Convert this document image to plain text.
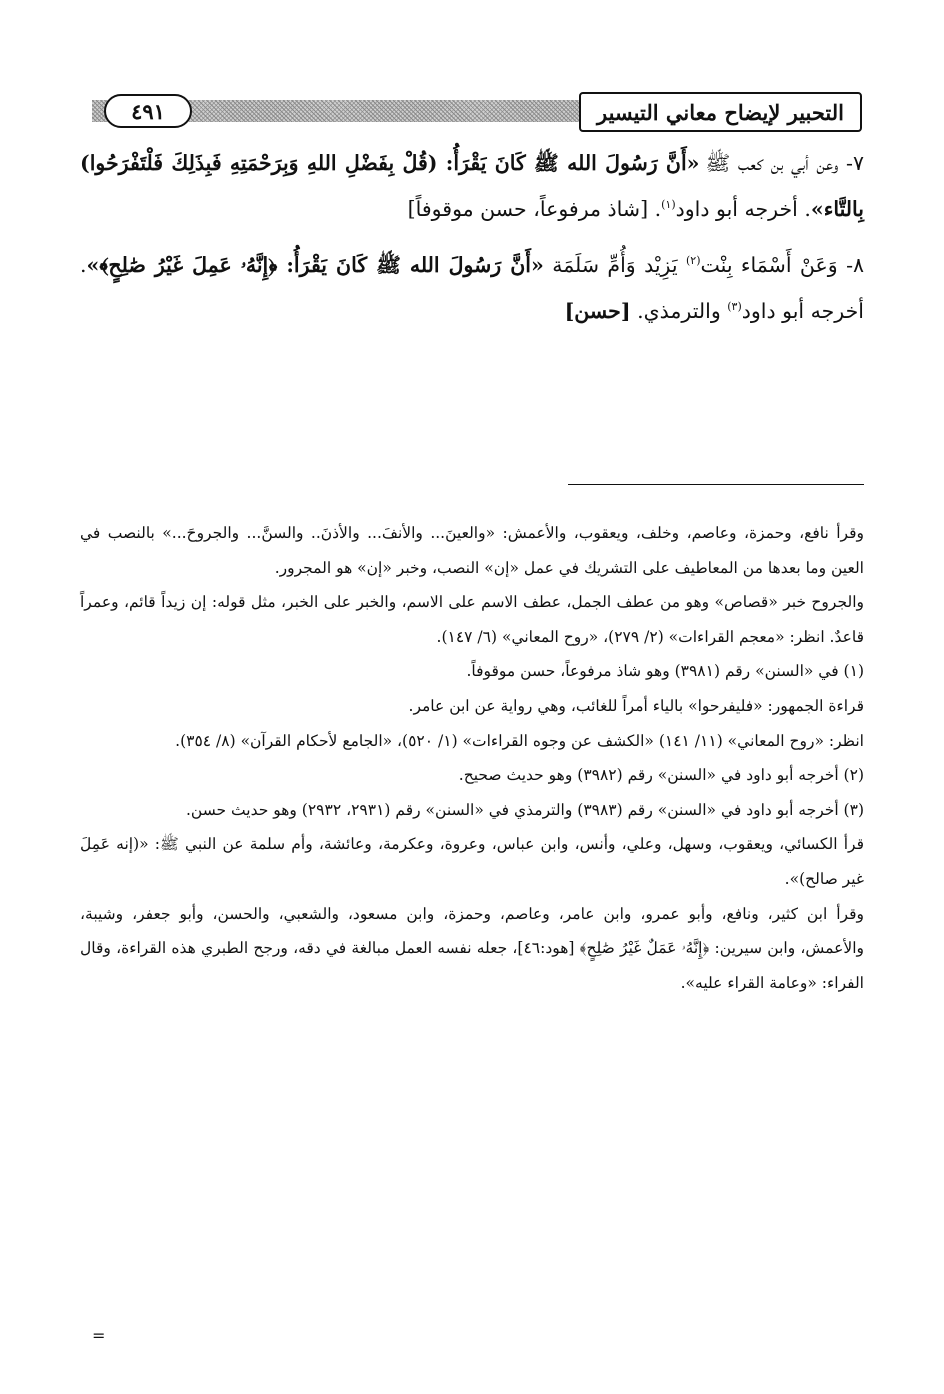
التحبير لإيضاح معاني التيسير
٤٩١

٧- وعن أبي بن كعب ﷺ«أَنَّ رَسُولَ الله ﷺ كَانَ يَقْرَأُ: (قُلْ بِفَضْلِ اللهِ وَبِرَحْمَتِهِ فَبِذَلِكَ فَلْتَفْرَحُوا) بِالتَّاء». أخرجه أبو داود$^{(١)}$. [شاذ مرفوعاً، حسن موقوفاً]

٨- وَعَنْ أَسْمَاء بِنْت$^{(٢)}$ يَزِيْد وَأُمِّ سَلَمَة «أَنَّ رَسُولَ الله ﷺ كَانَ يَقْرَأُ: ﴿إِنَّهُۥ عَمِلَ غَيْرُ صَٰلِحٍ﴾». أخرجه أبو داود$^{(٣)}$ والترمذي. [حسن]

وقرأ نافع، وحمزة، وعاصم، وخلف، ويعقوب، والأعمش: «والعينَ... والأنفَ... والأذنَ.. والسنَّ... والجروحَ...» بالنصب في العين وما بعدها من المعاطيف على التشريك في عمل «إن» النصب، وخبر «إن» هو المجرور.

والجروح خبر «قصاص» وهو من عطف الجمل، عطف الاسم على الاسم، والخبر على الخبر، مثل قوله: إن زيداً قائم، وعمراً قاعدٌ. انظر: «معجم القراءات» (٢/ ٢٧٩)، «روح المعاني» (٦/ ١٤٧).

(١) في «السنن» رقم (٣٩٨١) وهو شاذ مرفوعاً، حسن موقوفاً.

قراءة الجمهور: «فليفرحوا» بالياء أمراً للغائب، وهي رواية عن ابن عامر.

انظر: «روح المعاني» (١١/ ١٤١) «الكشف عن وجوه القراءات» (١/ ٥٢٠)، «الجامع لأحكام القرآن» (٨/ ٣٥٤).

(٢) أخرجه أبو داود في «السنن» رقم (٣٩٨٢) وهو حديث صحيح.

(٣) أخرجه أبو داود في «السنن» رقم (٣٩٨٣) والترمذي في «السنن» رقم (٢٩٣١، ٢٩٣٢) وهو حديث حسن.

قرأ الكسائي، ويعقوب، وسهل، وعلي، وأنس، وابن عباس، وعروة، وعكرمة، وعائشة، وأم سلمة عن النبي ﷺ: «(إنه عَمِلَ غير صالح)».

وقرأ ابن كثير، ونافع، وأبو عمرو، وابن عامر، وعاصم، وحمزة، وابن مسعود، والشعبي، والحسن، وأبو جعفر، وشيبة، والأعمش، وابن سيرين: ﴿إِنَّهُۥ عَمَلٌ غَيْرُ صَٰلِحٍ﴾ [هود:٤٦]، جعله نفسه العمل مبالغة في دقه، ورجح الطبري هذه القراءة، وقال الفراء: «وعامة القراء عليه».

=
